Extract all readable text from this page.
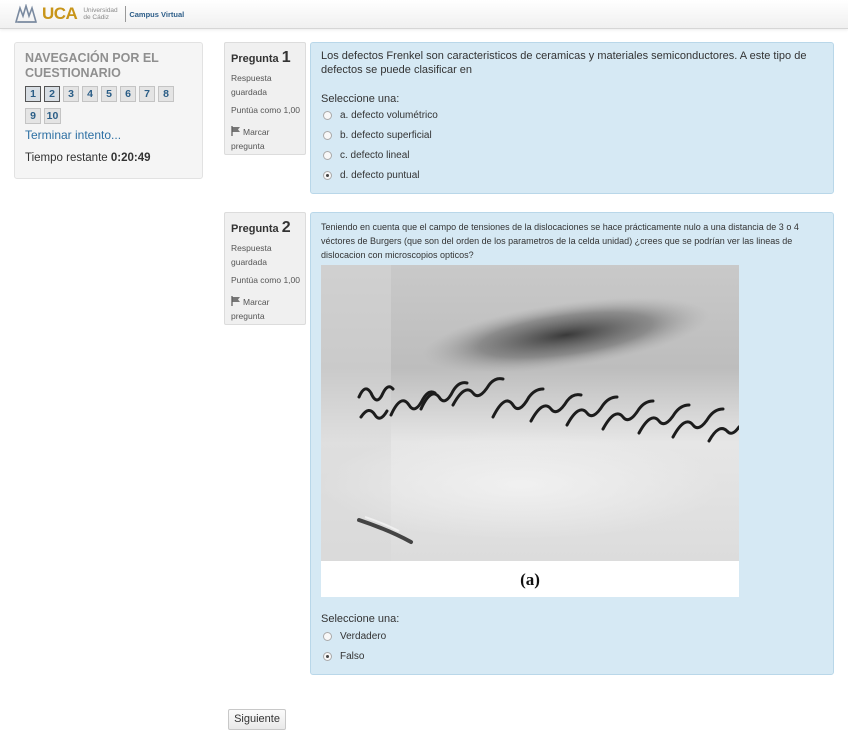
UCA Universidad de Cádiz	Campus Virtual
NAVEGACIÓN POR EL CUESTIONARIO
1	2	3	4	5	6	7	8
9	10
Terminar intento...
Tiempo restante 0:20:49
Pregunta 1
Respuesta guardada
Puntúa como 1,00
Marcar pregunta
Los defectos Frenkel son caracteristicos de ceramicas y materiales semiconductores. A este tipo de defectos se puede clasificar en
Seleccione una:
a. defecto volumétrico
b. defecto superficial
c. defecto lineal
d. defecto puntual
Pregunta 2
Respuesta guardada
Puntúa como 1,00
Marcar pregunta
Teniendo en cuenta que el campo de tensiones de la dislocaciones se hace prácticamente nulo a una distancia de 3 o 4 véctores de Burgers (que son del orden de los parametros de la celda unidad) ¿crees que se podrían ver las lineas de dislocacion con microscopios opticos?
(a)
Seleccione una:
Verdadero
Falso
Siguiente
